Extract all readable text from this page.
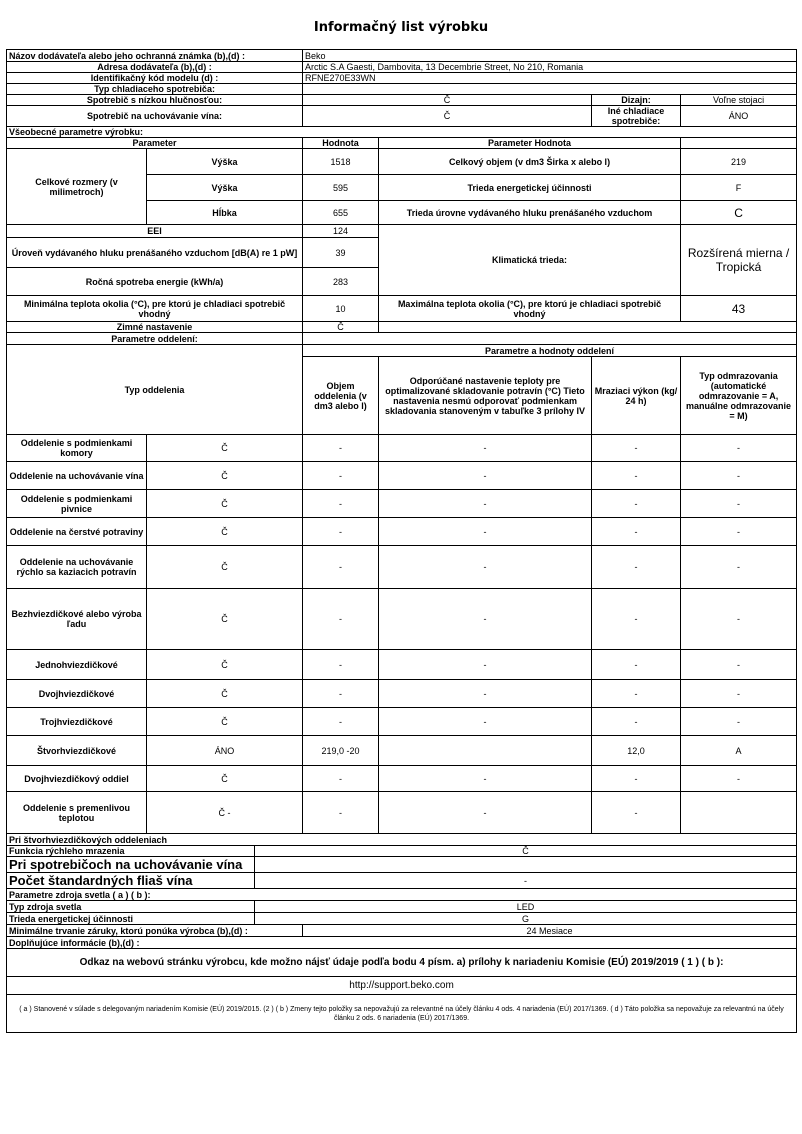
Informačný list výrobku
Názov dodávateľa alebo jeho ochranná známka (b),(d) :			Beko			
Adresa dodávateľa (b),(d) :			Arctic S.A Gaesti, Dambovita, 13 Decembrie Street, No 210, Romania			
Identifikačný kód modelu (d) :			RFNE270E33WN			
Typ chladiaceho spotrebiča:						
Spotrebič s nízkou hlučnosťou:			Č		Dizajn:	Voľne stojaci
Spotrebič na uchovávanie vína:			Č		Iné chladiace spotrebiče:	ÁNO
Všeobecné parametre výrobku:						
Parameter			Hodnota	Parameter Hodnota		
Celkové rozmery (v milimetroch)	Výška		1518	Celkový objem (v dm3 Širka x alebo l)		219
	Výška		595	Trieda energetickej účinnosti		F
	Hĺbka		655	Trieda úrovne vydávaného hluku prenášaného vzduchom		C
EEI			124	Klimatická trieda:		Rozšírená mierna / Tropická
Úroveň vydávaného hluku prenášaného vzduchom [dB(A) re 1 pW]			39			
Ročná spotreba energie (kWh/a)			283			
Minimálna teplota okolia (°C), pre ktorú je chladiaci spotrebič vhodný			10	Maximálna teplota okolia (°C), pre ktorú je chladiaci spotrebič vhodný		43
Zimné nastavenie			Č			
Parametre oddelení:						
Typ oddelenia			Parametre a hodnoty oddelení			
			Objem oddelenia (v dm3 alebo l)	Odporúčané nastavenie teploty pre optimalizované skladovanie potravín (°C) Tieto nastavenia nesmú odporovať podmienkam skladovania stanoveným v tabuľke 3 prílohy IV	Mraziaci výkon (kg/ 24 h)	Typ odmrazovania (automatické odmrazovanie = A, manuálne odmrazovanie = M)
Oddelenie s podmienkami komory	Č		-	-	-	-
Oddelenie na uchovávanie vína	Č		-	-	-	-
Oddelenie s podmienkami pivnice	Č		-	-	-	-
Oddelenie na čerstvé potraviny	Č		-	-	-	-
Oddelenie na uchovávanie rýchlo sa kaziacich potravín	Č		-	-	-	-
Bezhviezdičkové alebo výroba ľadu	Č		-	-	-	-
Jednohviezdičkové	Č		-	-	-	-
Dvojhviezdičkové	Č		-	-	-	-
Trojhviezdičkové	Č		-	-	-	-
Štvorhviezdičkové	ÁNO		219,0 -20		12,0	A
Dvojhviezdičkový oddiel	Č		-	-	-	-
Oddelenie s premenlivou teplotou	Č -		-	-	-	
Pri štvorhviezdičkových oddeleniach						
Funkcia rýchleho mrazenia		Č				
Pri spotrebičoch na uchovávanie vína						
Počet štandardných fliaš vína		-				
Parametre zdroja svetla ( a ) ( b ):						
Typ zdroja svetla		LED				
Trieda energetickej účinnosti		G				
Minimálne trvanie záruky, ktorú ponúka výrobca (b),(d) :			24 Mesiace			
Doplňujúce informácie (b),(d) :						
Odkaz na webovú stránku výrobcu, kde možno nájsť údaje podľa bodu 4 písm. a) prílohy k nariadeniu Komisie (EÚ) 2019/2019 ( 1 ) ( b ):						
http://support.beko.com						
( a ) Stanovené v súlade s delegovaným nariadením Komisie (EÚ) 2019/2015. (2 ) ( b ) Zmeny tejto položky sa nepovažujú za relevantné na účely článku 4 ods. 4 nariadenia (EÚ) 2017/1369. ( d ) Táto položka sa nepovažuje za relevantnú na účely článku 2 ods. 6 nariadenia (EÚ) 2017/1369.						
